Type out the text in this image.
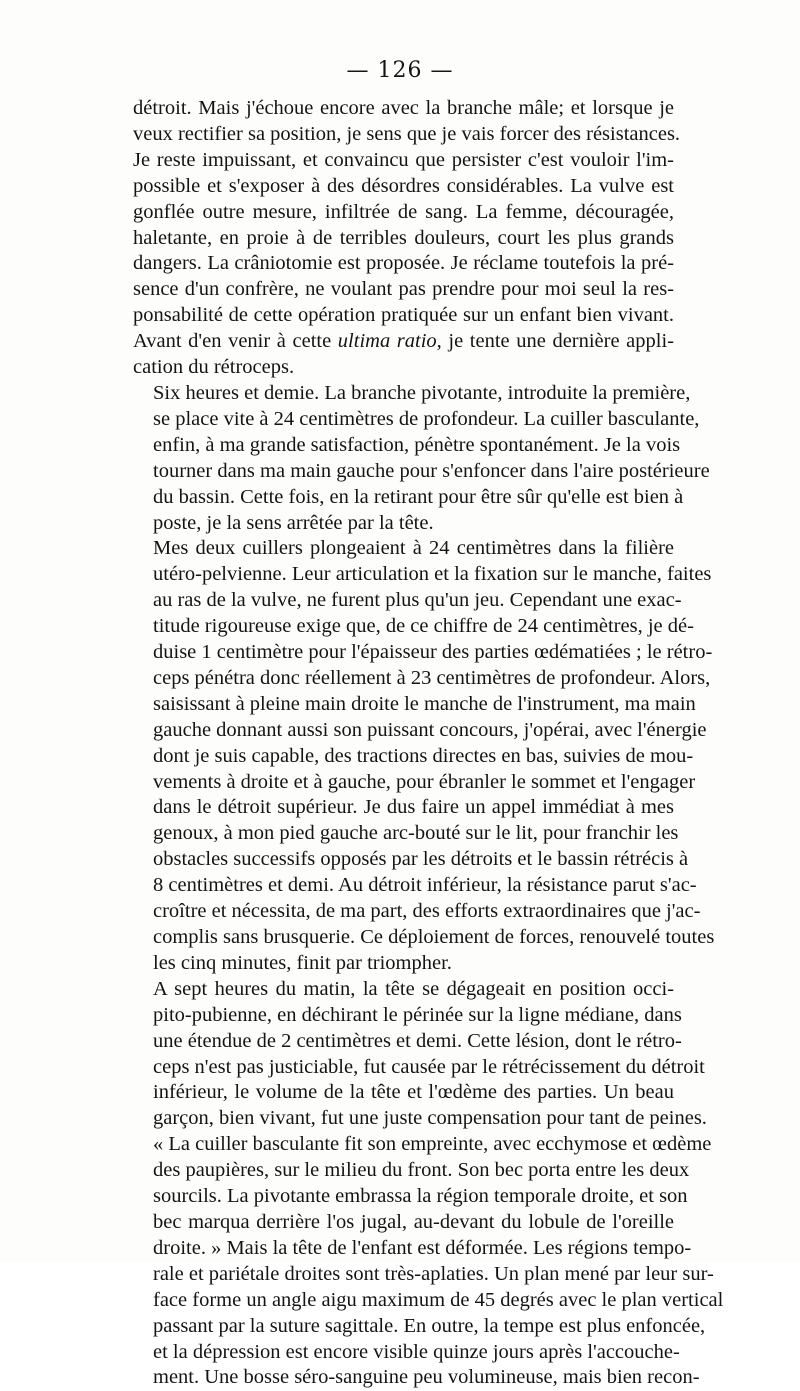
— 126 —
détroit. Mais j'échoue encore avec la branche mâle; et lorsque je
veux rectifier sa position, je sens que je vais forcer des résistances.
Je reste impuissant, et convaincu que persister c'est vouloir l'im-
possible et s'exposer à des désordres considérables. La vulve est
gonflée outre mesure, infiltrée de sang. La femme, découragée,
haletante, en proie à de terribles douleurs, court les plus grands
dangers. La crâniotomie est proposée. Je réclame toutefois la pré-
sence d'un confrère, ne voulant pas prendre pour moi seul la res-
ponsabilité de cette opération pratiquée sur un enfant bien vivant.
Avant d'en venir à cette ultima ratio, je tente une dernière appli-
cation du rétroceps.
Six heures et demie. La branche pivotante, introduite la première,
se place vite à 24 centimètres de profondeur. La cuiller basculante,
enfin, à ma grande satisfaction, pénètre spontanément. Je la vois
tourner dans ma main gauche pour s'enfoncer dans l'aire postérieure
du bassin. Cette fois, en la retirant pour être sûr qu'elle est bien à
poste, je la sens arrêtée par la tête.
Mes deux cuillers plongeaient à 24 centimètres dans la filière
utéro-pelvienne. Leur articulation et la fixation sur le manche, faites
au ras de la vulve, ne furent plus qu'un jeu. Cependant une exac-
titude rigoureuse exige que, de ce chiffre de 24 centimètres, je dé-
duise 1 centimètre pour l'épaisseur des parties œdématiées ; le rétro-
ceps pénétra donc réellement à 23 centimètres de profondeur. Alors,
saisissant à pleine main droite le manche de l'instrument, ma main
gauche donnant aussi son puissant concours, j'opérai, avec l'énergie
dont je suis capable, des tractions directes en bas, suivies de mou-
vements à droite et à gauche, pour ébranler le sommet et l'engager
dans le détroit supérieur. Je dus faire un appel immédiat à mes
genoux, à mon pied gauche arc-bouté sur le lit, pour franchir les
obstacles successifs opposés par les détroits et le bassin rétrécis à
8 centimètres et demi. Au détroit inférieur, la résistance parut s'ac-
croître et nécessita, de ma part, des efforts extraordinaires que j'ac-
complis sans brusquerie. Ce déploiement de forces, renouvelé toutes
les cinq minutes, finit par triompher.
A sept heures du matin, la tête se dégageait en position occi-
pito-pubienne, en déchirant le périnée sur la ligne médiane, dans
une étendue de 2 centimètres et demi. Cette lésion, dont le rétro-
ceps n'est pas justiciable, fut causée par le rétrécissement du détroit
inférieur, le volume de la tête et l'œdème des parties. Un beau
garçon, bien vivant, fut une juste compensation pour tant de peines.
« La cuiller basculante fit son empreinte, avec ecchymose et œdème
des paupières, sur le milieu du front. Son bec porta entre les deux
sourcils. La pivotante embrassa la région temporale droite, et son
bec marqua derrière l'os jugal, au-devant du lobule de l'oreille
droite. » Mais la tête de l'enfant est déformée. Les régions tempo-
rale et pariétale droites sont très-aplaties. Un plan mené par leur sur-
face forme un angle aigu maximum de 45 degrés avec le plan vertical
passant par la suture sagittale. En outre, la tempe est plus enfoncée,
et la dépression est encore visible quinze jours après l'accouche-
ment. Une bosse séro-sanguine peu volumineuse, mais bien recon-
